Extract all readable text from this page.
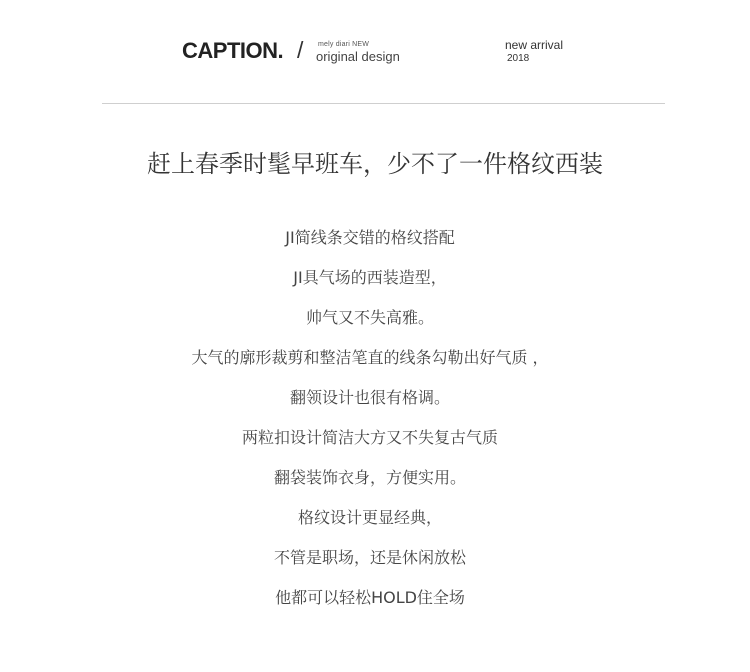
CAPTION. / mely diari NEW
original design
new arrival
2018
赶上春季时髦早班车，少不了一件格纹西装
JI简线条交错的格纹搭配
JI具气场的西装造型，
帅气又不失高雅。
大气的廓形裁剪和整洁笔直的线条勾勒出好气质 ，
翻领设计也很有格调。
两粒扣设计简洁大方又不失复古气质
翻袋装饰衣身，方便实用。
格纹设计更显经典，
不管是职场，还是休闲放松
他都可以轻松HOLD住全场
